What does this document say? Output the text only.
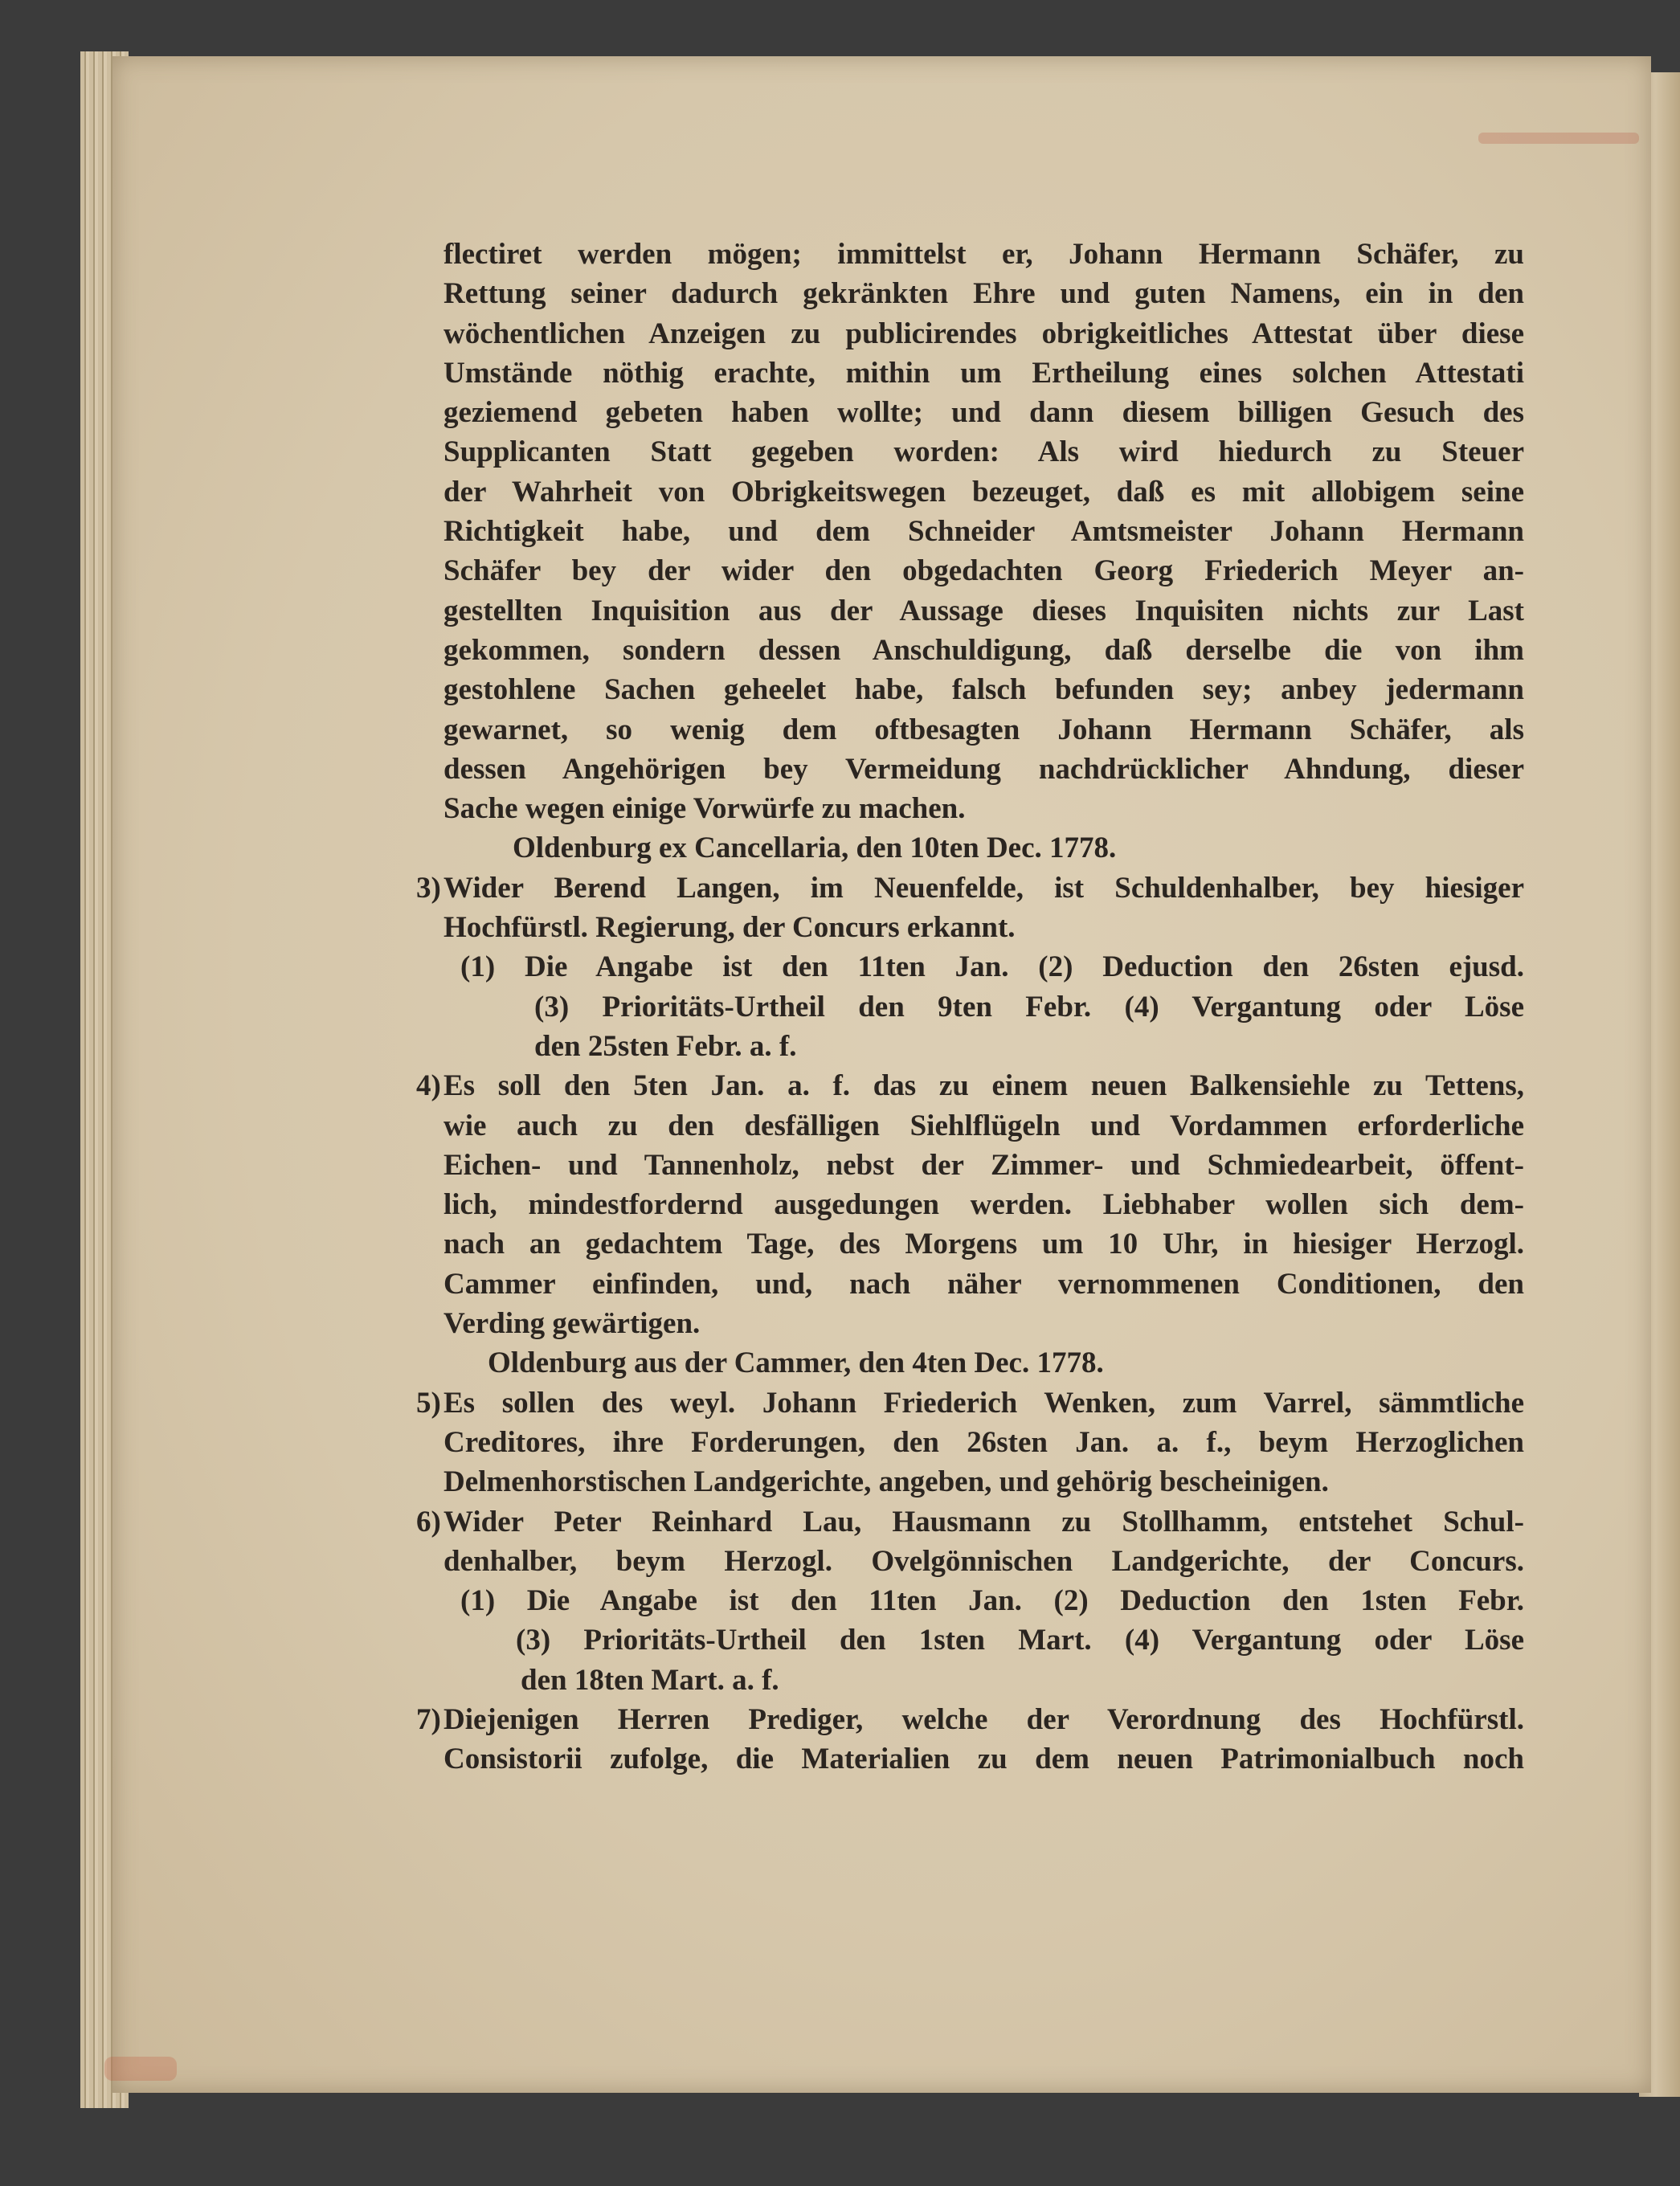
flectiret werden mögen; immittelst er, Johann Hermann Schäfer, zu
Rettung seiner dadurch gekränkten Ehre und guten Namens, ein in den
wöchentlichen Anzeigen zu publicirendes obrigkeitliches Attestat über diese
Umstände nöthig erachte, mithin um Ertheilung eines solchen Attestati
geziemend gebeten haben wollte; und dann diesem billigen Gesuch des
Supplicanten Statt gegeben worden: Als wird hiedurch zu Steuer
der Wahrheit von Obrigkeitswegen bezeuget, daß es mit allobigem seine
Richtigkeit habe, und dem Schneider Amtsmeister Johann Hermann
Schäfer bey der wider den obgedachten Georg Friederich Meyer an-
gestellten Inquisition aus der Aussage dieses Inquisiten nichts zur Last
gekommen, sondern dessen Anschuldigung, daß derselbe die von ihm
gestohlene Sachen geheelet habe, falsch befunden sey; anbey jedermann
gewarnet, so wenig dem oftbesagten Johann Hermann Schäfer, als
dessen Angehörigen bey Vermeidung nachdrücklicher Ahndung, dieser
Sache wegen einige Vorwürfe zu machen.
Oldenburg ex Cancellaria, den 10ten Dec. 1778.
3) Wider Berend Langen, im Neuenfelde, ist Schuldenhalber, bey hiesiger
Hochfürstl. Regierung, der Concurs erkannt.
(1) Die Angabe ist den 11ten Jan. (2) Deduction den 26sten ejusd.
(3) Prioritäts-Urtheil den 9ten Febr. (4) Vergantung oder Löse
den 25sten Febr. a. f.
4) Es soll den 5ten Jan. a. f. das zu einem neuen Balkensiehle zu Tettens,
wie auch zu den desfälligen Siehlflügeln und Vordammen erforderliche
Eichen- und Tannenholz, nebst der Zimmer- und Schmiedearbeit, öffent-
lich, mindestfordernd ausgedungen werden. Liebhaber wollen sich dem-
nach an gedachtem Tage, des Morgens um 10 Uhr, in hiesiger Herzogl.
Cammer einfinden, und, nach näher vernommenen Conditionen, den
Verding gewärtigen.
Oldenburg aus der Cammer, den 4ten Dec. 1778.
5) Es sollen des weyl. Johann Friederich Wenken, zum Varrel, sämmtliche
Creditores, ihre Forderungen, den 26sten Jan. a. f., beym Herzoglichen
Delmenhorstischen Landgerichte, angeben, und gehörig bescheinigen.
6) Wider Peter Reinhard Lau, Hausmann zu Stollhamm, entstehet Schul-
denhalber, beym Herzogl. Ovelgönnischen Landgerichte, der Concurs.
(1) Die Angabe ist den 11ten Jan. (2) Deduction den 1sten Febr.
(3) Prioritäts-Urtheil den 1sten Mart. (4) Vergantung oder Löse
den 18ten Mart. a. f.
7) Diejenigen Herren Prediger, welche der Verordnung des Hochfürstl.
Consistorii zufolge, die Materialien zu dem neuen Patrimonialbuch noch
